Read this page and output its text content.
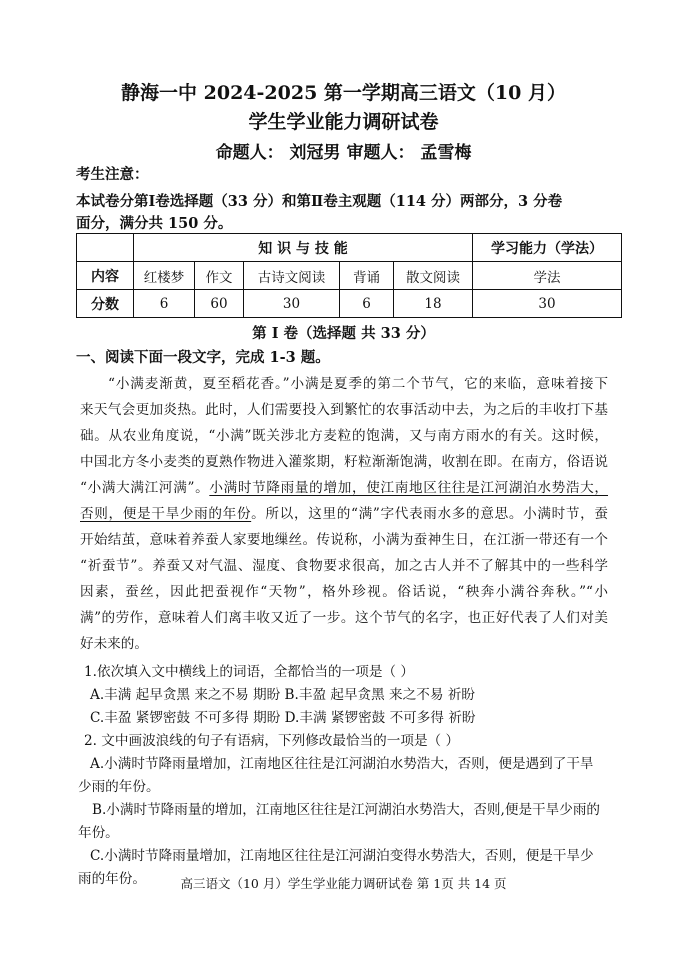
静海一中 2024-2025 第一学期高三语文（10 月）
学生学业能力调研试卷
命题人： 刘冠男 审题人： 孟雪梅
考生注意：
本试卷分第Ⅰ卷选择题（33 分）和第Ⅱ卷主观题（114 分）两部分，3 分卷
面分，满分共 150 分。
	知 识 与 技 能					学习能力（学法）
内容	红楼梦	作文	古诗文阅读	背诵	散文阅读	学法
分数	6	60	30	6	18	30
第 Ⅰ 卷（选择题 共 33 分）
一、阅读下面一段文字，完成 1-3 题。
“小满麦渐黄，夏至稻花香。”小满是夏季的第二个节气，它的来临，意味着接下
来天气会更加炎热。此时，人们需要投入到繁忙的农事活动中去，为之后的丰收打下基
础。从农业角度说，“小满”既关涉北方麦粒的饱满，又与南方雨水的有关。这时候，
中国北方冬小麦类的夏熟作物进入灌浆期，籽粒渐渐饱满，收割在即。在南方，俗语说
“小满大满江河满”。小满时节降雨量的增加，使江南地区往往是江河湖泊水势浩大，
否则，便是干旱少雨的年份。所以，这里的“满”字代表雨水多的意思。小满时节，蚕
开始结茧，意味着养蚕人家要地缫丝。传说称，小满为蚕神生日，在江浙一带还有一个
“祈蚕节”。养蚕又对气温、湿度、食物要求很高，加之古人并不了解其中的一些科学
因素，蚕丝，因此把蚕视作“天物”，格外珍视。俗话说，“秧奔小满谷奔秋。”“小
满”的劳作，意味着人们离丰收又近了一步。这个节气的名字，也正好代表了人们对美
好未来的。
1.依次填入文中横线上的词语，全都恰当的一项是（ ）
A.丰满 起早贪黑 来之不易 期盼 B.丰盈 起早贪黑 来之不易 祈盼
C.丰盈 紧锣密鼓 不可多得 期盼 D.丰满 紧锣密鼓 不可多得 祈盼
2. 文中画波浪线的句子有语病，下列修改最恰当的一项是（ ）
A.小满时节降雨量增加，江南地区往往是江河湖泊水势浩大，否则，便是遇到了干旱
少雨的年份。
B.小满时节降雨量的增加，江南地区往往是江河湖泊水势浩大，否则,便是干旱少雨的
年份。
C.小满时节降雨量增加，江南地区往往是江河湖泊变得水势浩大，否则，便是干旱少
雨的年份。	高三语文（10 月）学生学业能力调研试卷 第 1页 共 14 页
